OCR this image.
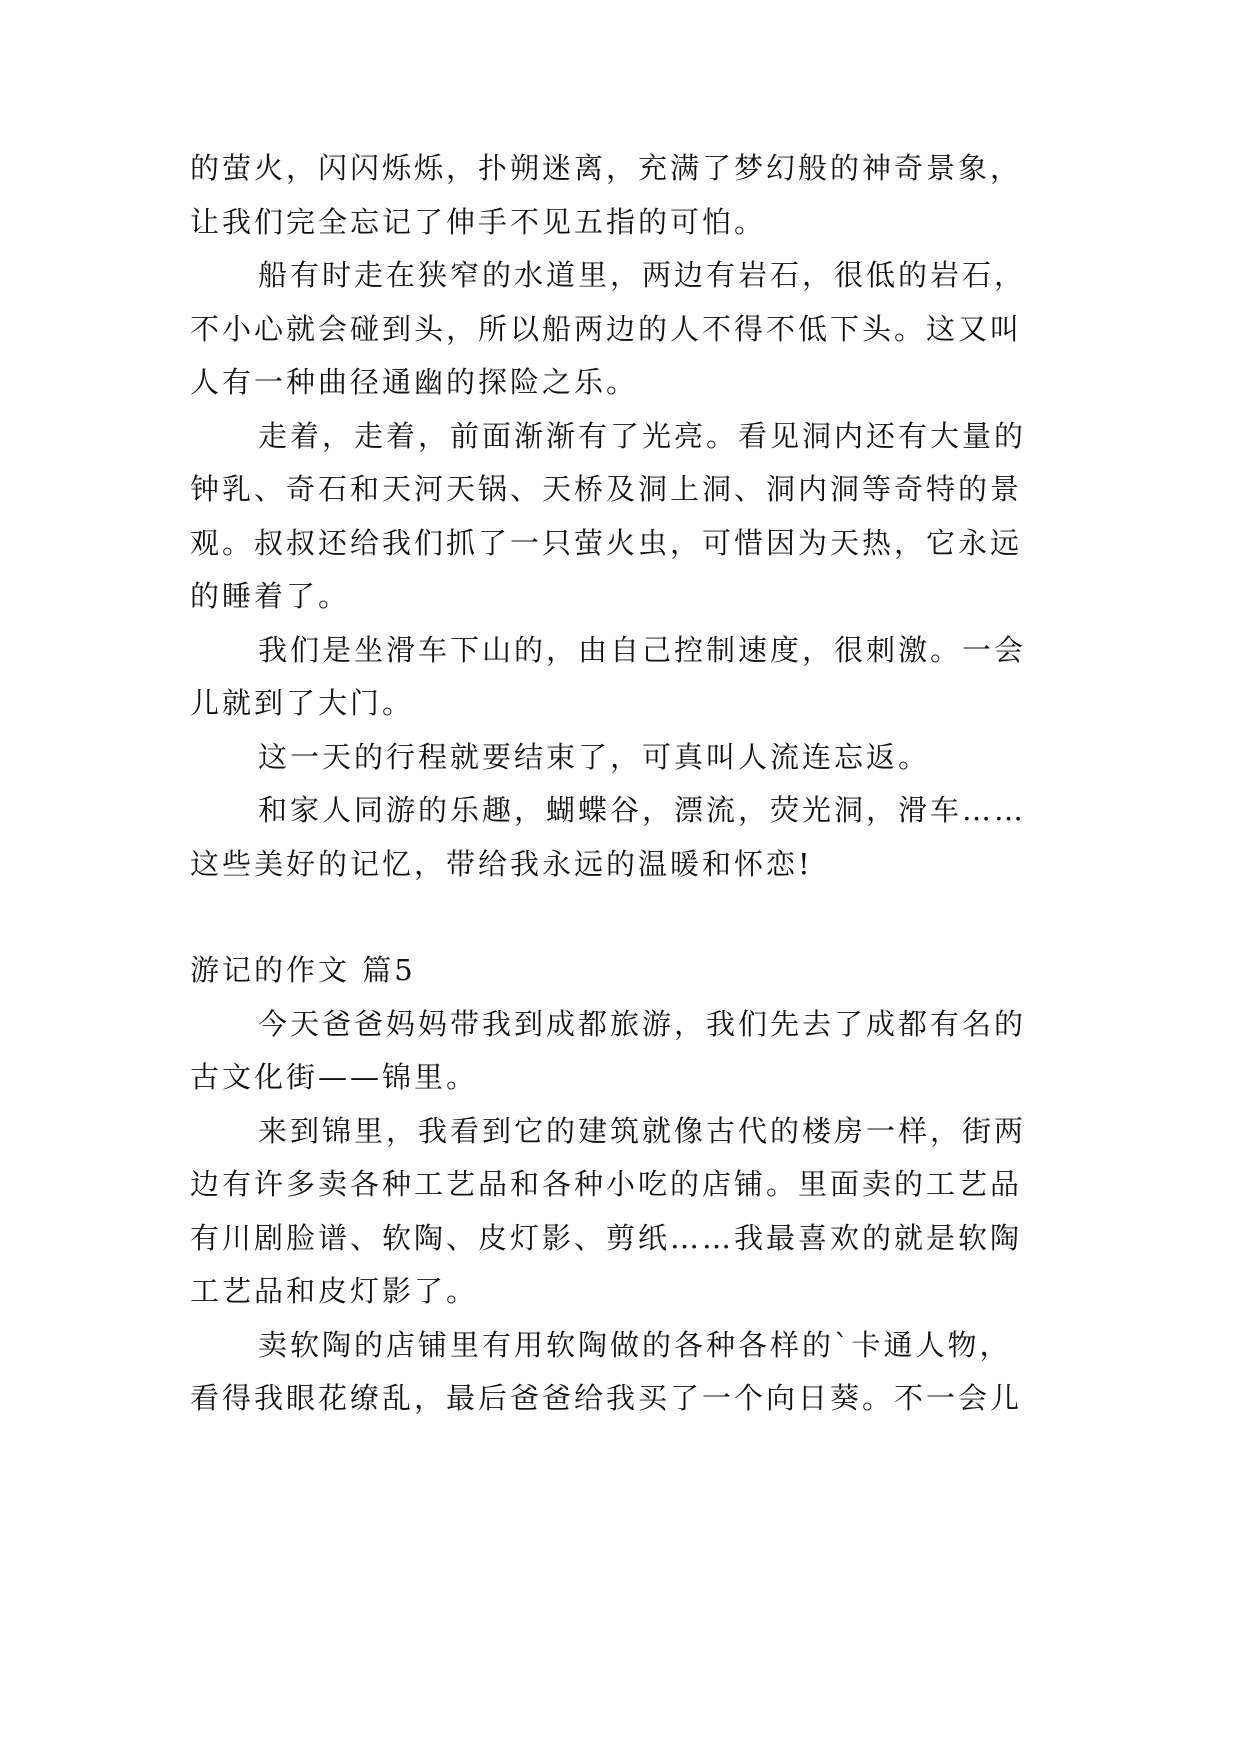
的萤火，闪闪烁烁，扑朔迷离，充满了梦幻般的神奇景象，
让我们完全忘记了伸手不见五指的可怕。
船有时走在狭窄的水道里，两边有岩石，很低的岩石，
不小心就会碰到头，所以船两边的人不得不低下头。这又叫
人有一种曲径通幽的探险之乐。
走着，走着，前面渐渐有了光亮。看见洞内还有大量的
钟乳、奇石和天河天锅、天桥及洞上洞、洞内洞等奇特的景
观。叔叔还给我们抓了一只萤火虫，可惜因为天热，它永远
的睡着了。
我们是坐滑车下山的，由自己控制速度，很刺激。一会
儿就到了大门。
这一天的行程就要结束了，可真叫人流连忘返。
和家人同游的乐趣，蝴蝶谷，漂流，荧光洞，滑车……
这些美好的记忆，带给我永远的温暖和怀恋!
游记的作文 篇5
今天爸爸妈妈带我到成都旅游，我们先去了成都有名的
古文化街——锦里。
来到锦里，我看到它的建筑就像古代的楼房一样，街两
边有许多卖各种工艺品和各种小吃的店铺。里面卖的工艺品
有川剧脸谱、软陶、皮灯影、剪纸……我最喜欢的就是软陶
工艺品和皮灯影了。
卖软陶的店铺里有用软陶做的各种各样的`卡通人物，
看得我眼花缭乱，最后爸爸给我买了一个向日葵。不一会儿
